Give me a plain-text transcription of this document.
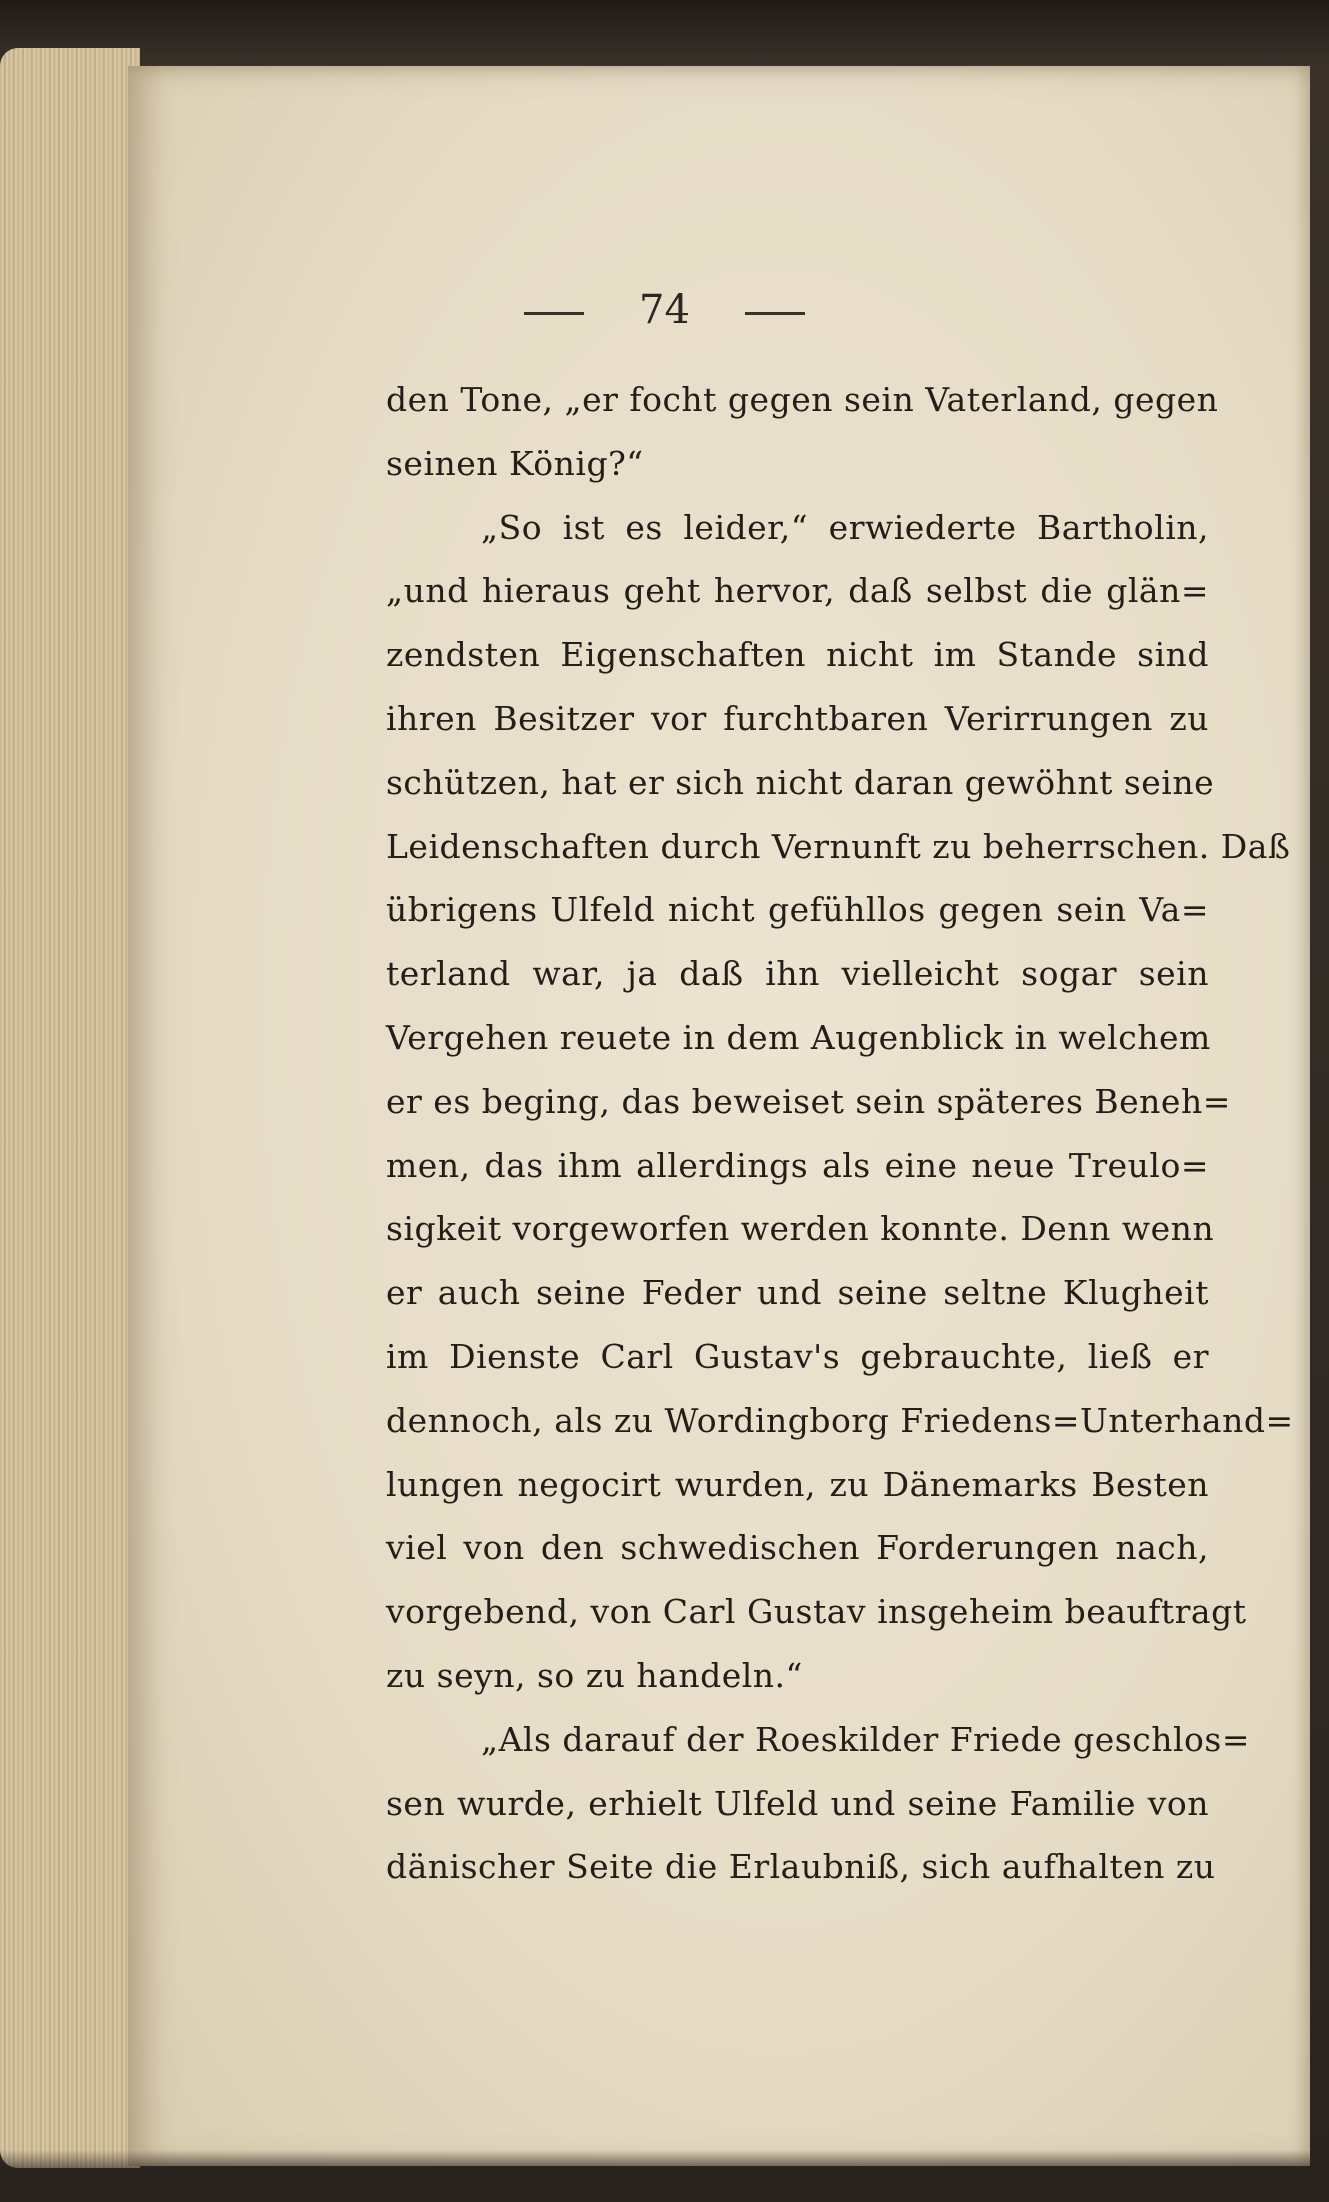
74
den Tone, „er focht gegen sein Vaterland, gegen
seinen König?“
„So ist es leider,“ erwiederte Bartholin,
„und hieraus geht hervor, daß selbst die glän=
zendsten Eigenschaften nicht im Stande sind
ihren Besitzer vor furchtbaren Verirrungen zu
schützen, hat er sich nicht daran gewöhnt seine
Leidenschaften durch Vernunft zu beherrschen. Daß
übrigens Ulfeld nicht gefühllos gegen sein Va=
terland war, ja daß ihn vielleicht sogar sein
Vergehen reuete in dem Augenblick in welchem
er es beging, das beweiset sein späteres Beneh=
men, das ihm allerdings als eine neue Treulo=
sigkeit vorgeworfen werden konnte. Denn wenn
er auch seine Feder und seine seltne Klugheit
im Dienste Carl Gustav's gebrauchte, ließ er
dennoch, als zu Wordingborg Friedens=Unterhand=
lungen negocirt wurden, zu Dänemarks Besten
viel von den schwedischen Forderungen nach,
vorgebend, von Carl Gustav insgeheim beauftragt
zu seyn, so zu handeln.“
„Als darauf der Roeskilder Friede geschlos=
sen wurde, erhielt Ulfeld und seine Familie von
dänischer Seite die Erlaubniß, sich aufhalten zu
